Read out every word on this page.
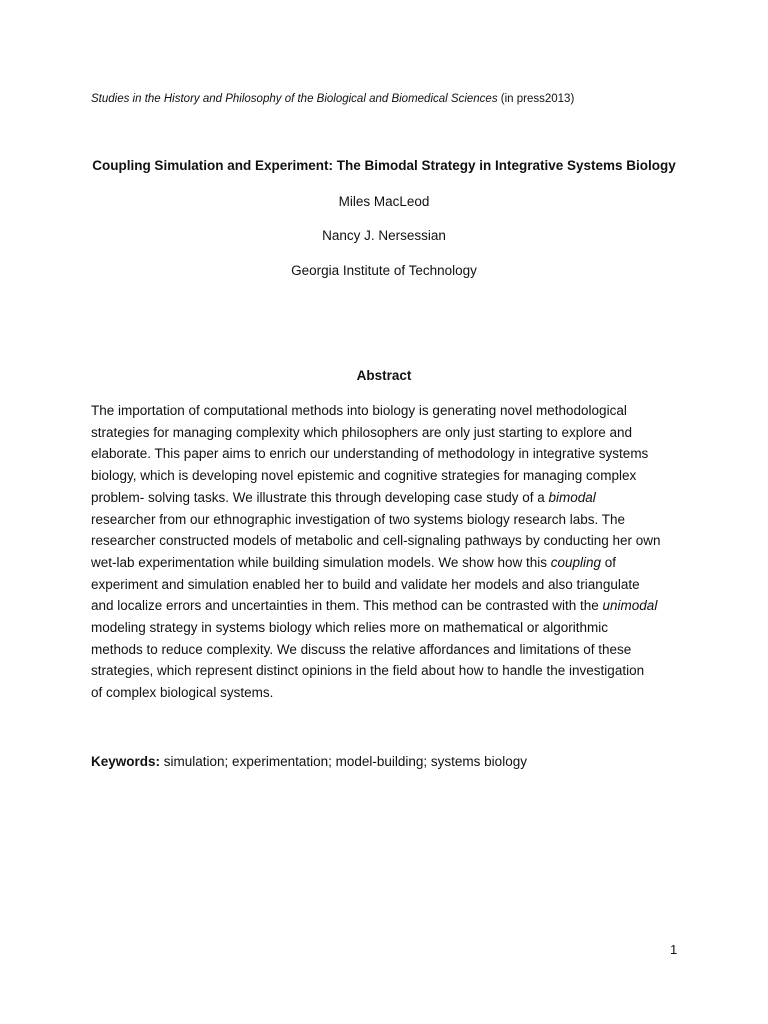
Studies in the History and Philosophy of the Biological and Biomedical Sciences (in press2013)
Coupling Simulation and Experiment: The Bimodal Strategy in Integrative Systems Biology
Miles MacLeod
Nancy J. Nersessian
Georgia Institute of Technology
Abstract
The importation of computational methods into biology is generating novel methodological
strategies for managing complexity which philosophers are only just starting to explore and
elaborate. This paper aims to enrich our understanding of methodology in integrative systems
biology, which is developing novel epistemic and cognitive strategies for managing complex
problem- solving tasks. We illustrate this through developing case study of a bimodal
researcher from our ethnographic investigation of two systems biology research labs. The
researcher constructed models of metabolic and cell-signaling pathways by conducting her own
wet-lab experimentation while building simulation models. We show how this coupling of
experiment and simulation enabled her to build and validate her models and also triangulate
and localize errors and uncertainties in them. This method can be contrasted with the unimodal
modeling strategy in systems biology which relies more on mathematical or algorithmic
methods to reduce complexity. We discuss the relative affordances and limitations of these
strategies, which represent distinct opinions in the field about how to handle the investigation
of complex biological systems.
Keywords: simulation; experimentation; model-building; systems biology
1
